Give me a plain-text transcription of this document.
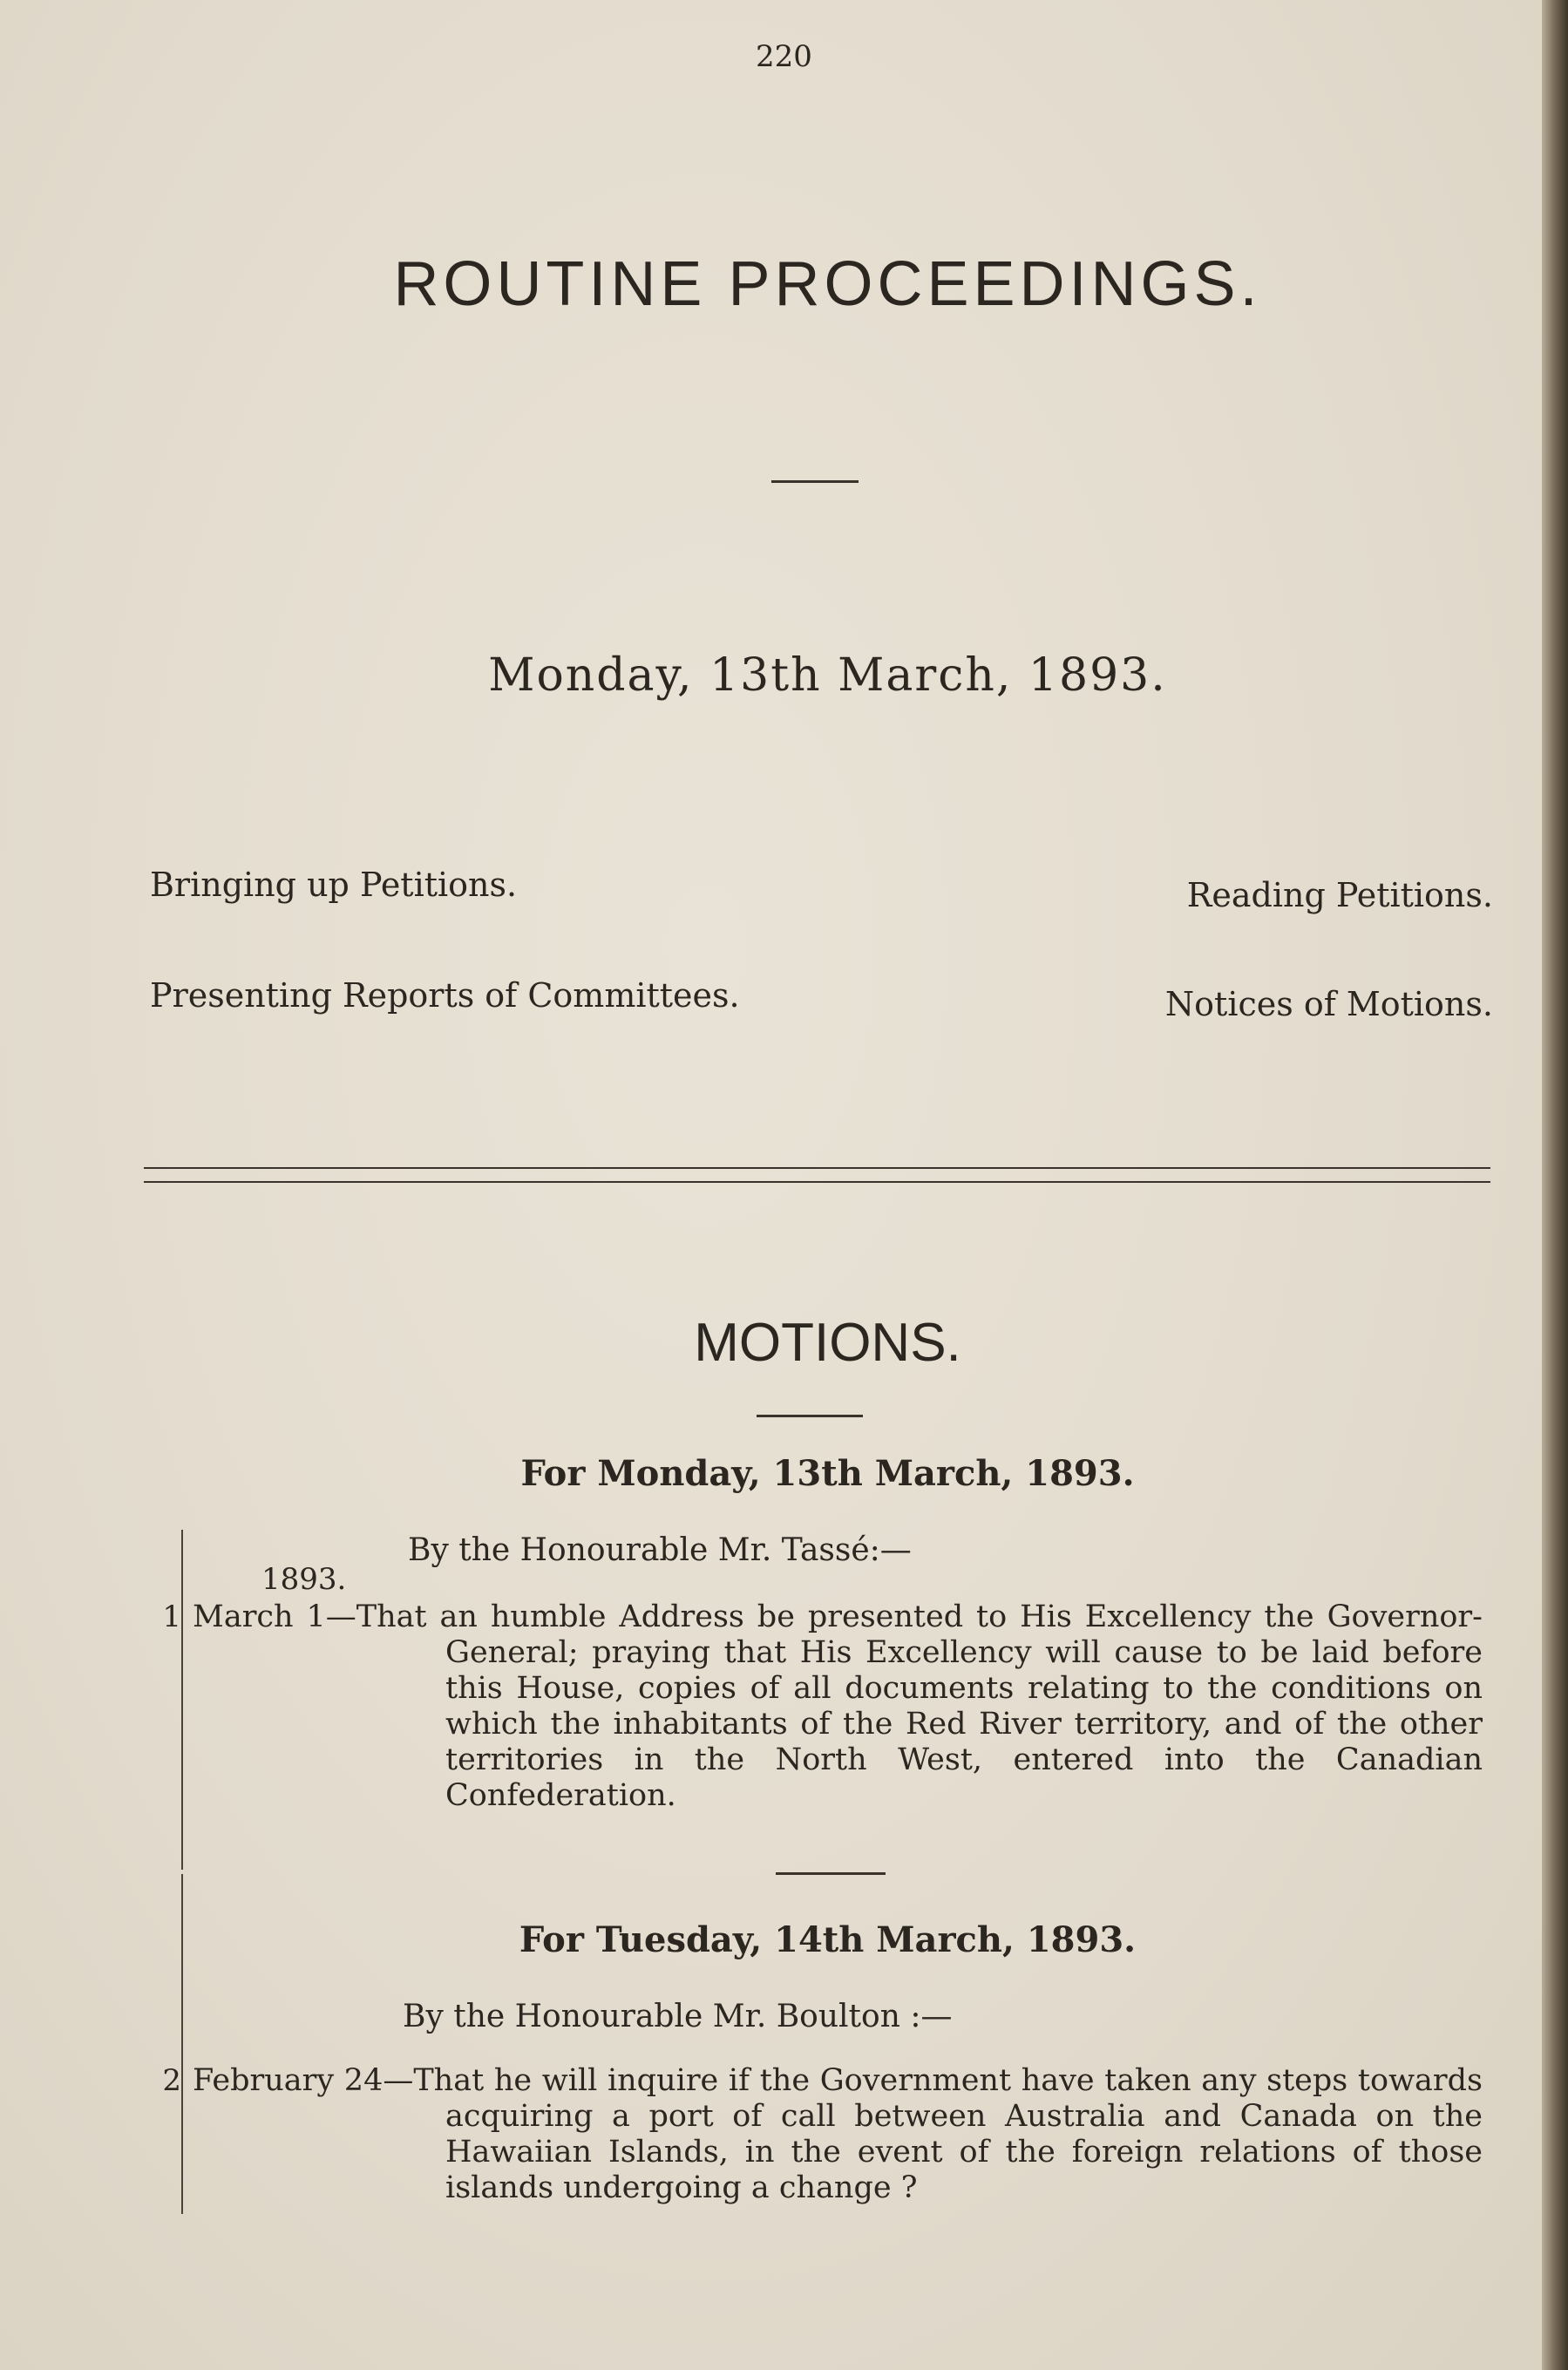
220
ROUTINE PROCEEDINGS.
Monday, 13th March, 1893.
Bringing up Petitions.	Reading Petitions.
Presenting Reports of Committees.	Notices of Motions.
MOTIONS.
For Monday, 13th March, 1893.
By the Honourable Mr. Tassé:—
1893.
1 March 1—That an humble Address be presented to His Excellency the Governor-General; praying that His Excellency will cause to be laid before this House, copies of all documents relating to the conditions on which the inhabitants of the Red River territory, and of the other territories in the North West, entered into the Canadian Confederation.
For Tuesday, 14th March, 1893.
By the Honourable Mr. Boulton :—
2 February 24—That he will inquire if the Government have taken any steps towards acquiring a port of call between Australia and Canada on the Hawaiian Islands, in the event of the foreign relations of those islands undergoing a change ?
